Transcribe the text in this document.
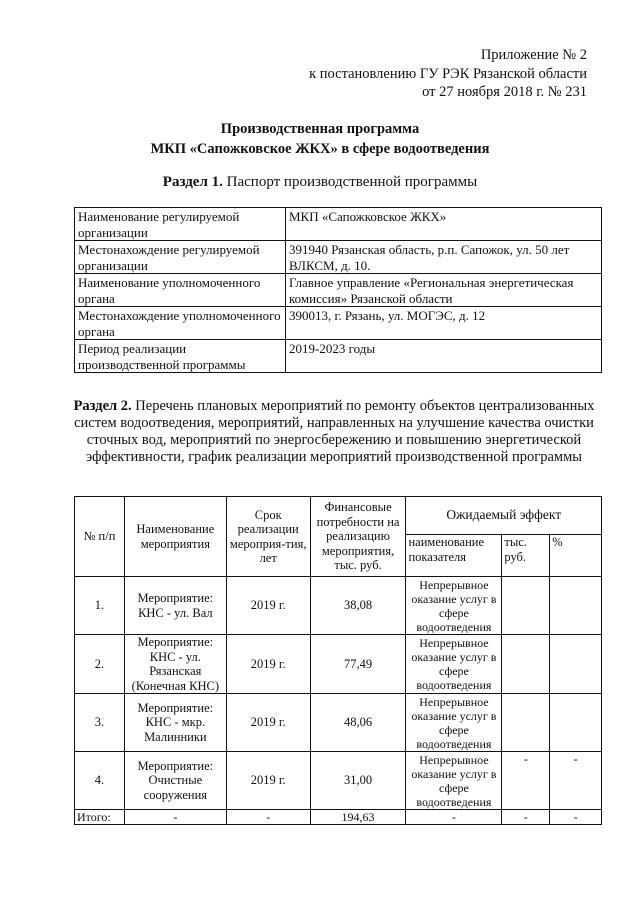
Приложение № 2
к постановлению ГУ РЭК Рязанской области
от 27 ноября 2018 г. № 231
Производственная программа
МКП «Сапожковское ЖКХ» в сфере водоотведения
Раздел 1. Паспорт производственной программы
Наименование регулируемой организации	МКП «Сапожковское ЖКХ»
Местонахождение регулируемой организации	391940 Рязанская область, р.п. Сапожок, ул. 50 лет ВЛКСМ, д. 10.
Наименование уполномоченного органа	Главное управление «Региональная энергетическая комиссия» Рязанской области
Местонахождение уполномоченного органа	390013, г. Рязань, ул. МОГЭС, д. 12
Период реализации производственной программы	2019-2023 годы
Раздел 2. Перечень плановых мероприятий по ремонту объектов централизованных систем водоотведения, мероприятий, направленных на улучшение качества очистки сточных вод, мероприятий по энергосбережению и повышению энергетической эффективности, график реализации мероприятий производственной программы
№ п/п	Наименование мероприятия	Срок реализации мероприя-тия, лет	Финансовые потребности на реализацию мероприятия, тыс. руб.	Ожидаемый эффект		
				наименование показателя	тыс. руб.	%
1.	Мероприятие: КНС - ул. Вал	2019 г.	38,08	Непрерывное оказание услуг в сфере водоотведения		
2.	Мероприятие: КНС - ул. Рязанская (Конечная КНС)	2019 г.	77,49	Непрерывное оказание услуг в сфере водоотведения		
3.	Мероприятие: КНС - мкр. Малинники	2019 г.	48,06	Непрерывное оказание услуг в сфере водоотведения		
4.	Мероприятие: Очистные сооружения	2019 г.	31,00	Непрерывное оказание услуг в сфере водоотведения	-	-
Итого:	-	-	194,63	-	-	-
